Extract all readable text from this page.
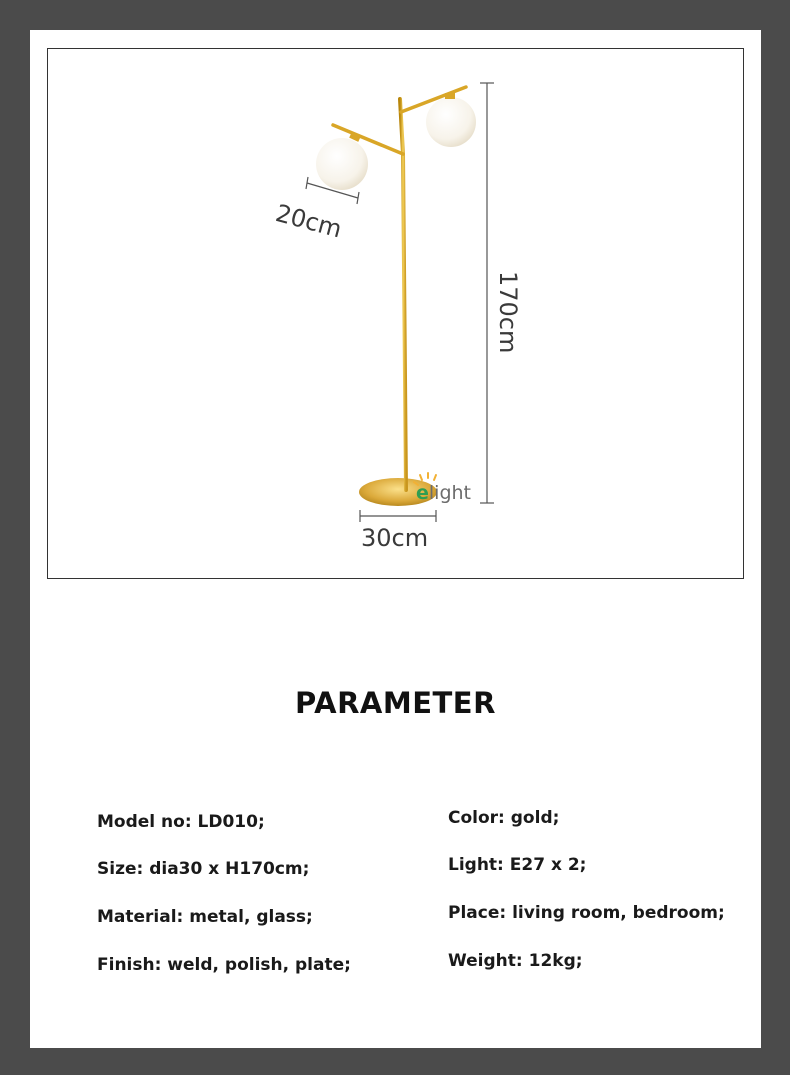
20cm
30cm
170cm
elight
PARAMETER
Model no: LD010;
Size: dia30 x H170cm;
Material: metal, glass;
Finish: weld, polish, plate;
Color: gold;
Light: E27 x 2;
Place: living room, bedroom;
Weight: 12kg;
